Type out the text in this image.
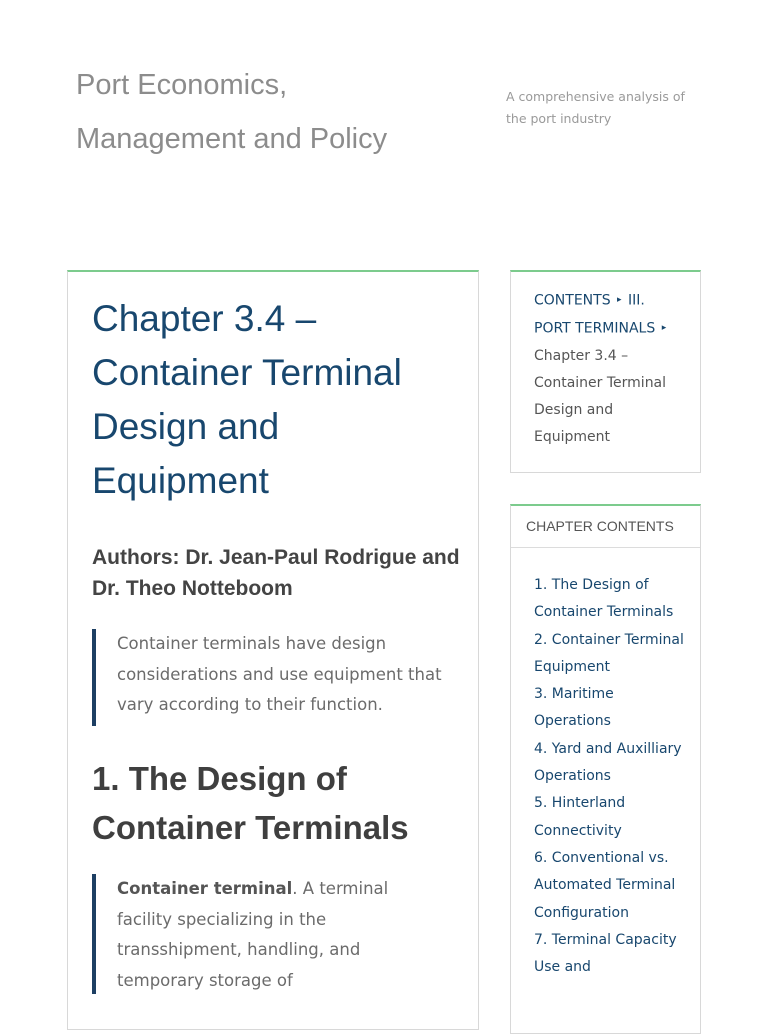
Port Economics, Management and Policy
A comprehensive analysis of the port industry
Chapter 3.4 – Container Terminal Design and Equipment
Authors: Dr. Jean-Paul Rodrigue and Dr. Theo Notteboom

Container terminals have design considerations and use equipment that vary according to their function.

1. The Design of Container Terminals

Container terminal. A terminal facility specializing in the transshipment, handling, and temporary storage of

CONTENTS ▸ III. PORT TERMINALS ▸ Chapter 3.4 – Container Terminal Design and Equipment
CHAPTER CONTENTS
1. The Design of Container Terminals
2. Container Terminal Equipment
3. Maritime Operations
4. Yard and Auxilliary Operations
5. Hinterland Connectivity
6. Conventional vs. Automated Terminal Configuration
7. Terminal Capacity Use and
